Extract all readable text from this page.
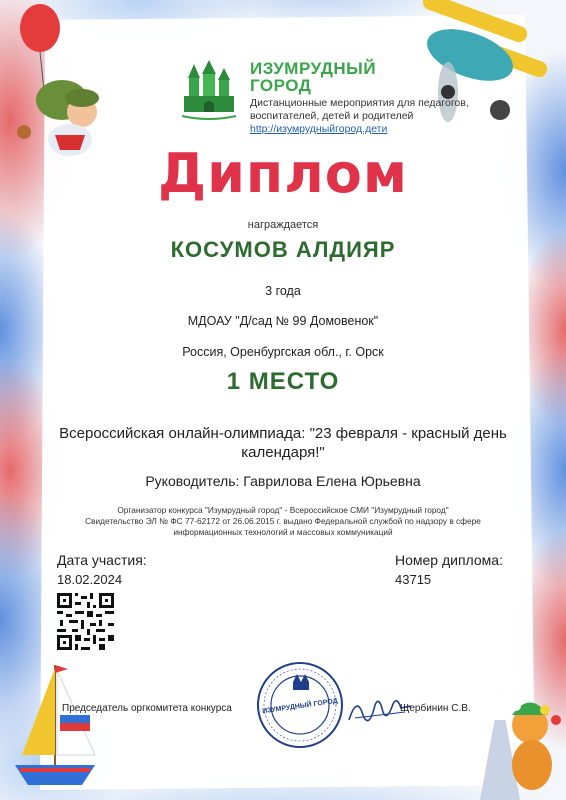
ИЗУМРУДНЫЙ
ГОРОД
Дистанционные мероприятия для педагогов,
воспитателей, детей и родителей
http://изумрудныйгород.дети
Диплом
награждается
КОСУМОВ АЛДИЯР
3 года
МДОАУ "Д/сад № 99 Домовенок"
Россия, Оренбургская обл., г. Орск
1 МЕСТО
Всероссийская онлайн-олимпиада: "23 февраля - красный день
календаря!"
Руководитель: Гаврилова Елена Юрьевна
Организатор конкурса "Изумрудный город" - Всероссийское СМИ "Изумрудный город"
Свидетельство ЭЛ № ФС 77-62172 от 26.06.2015 г. выдано Федеральной службой по надзору в сфере
информационных технологий и массовых коммуникаций
Дата участия:
18.02.2024
Номер диплома:
43715
Председатель оргкомитета конкурса	ИЗУМРУДНЫЙ ГОРОД	Щербинин С.В.
